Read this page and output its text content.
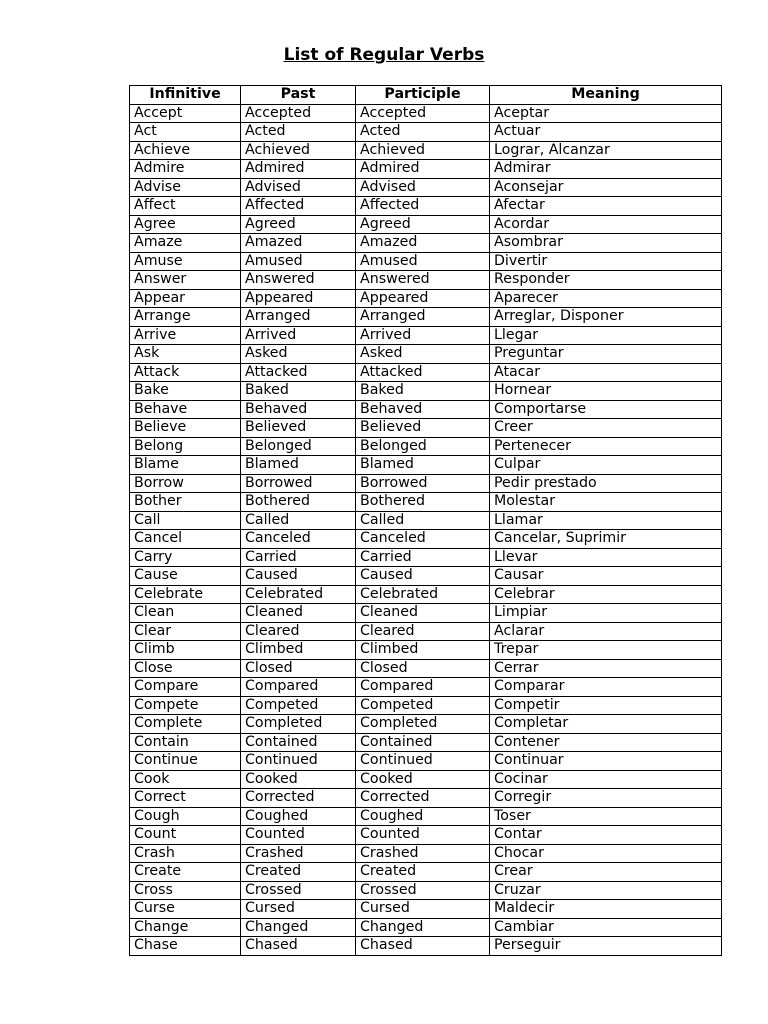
List of Regular Verbs
Infinitive	Past	Participle	Meaning
Accept	Accepted	Accepted	Aceptar
Act	Acted	Acted	Actuar
Achieve	Achieved	Achieved	Lograr, Alcanzar
Admire	Admired	Admired	Admirar
Advise	Advised	Advised	Aconsejar
Affect	Affected	Affected	Afectar
Agree	Agreed	Agreed	Acordar
Amaze	Amazed	Amazed	Asombrar
Amuse	Amused	Amused	Divertir
Answer	Answered	Answered	Responder
Appear	Appeared	Appeared	Aparecer
Arrange	Arranged	Arranged	Arreglar, Disponer
Arrive	Arrived	Arrived	Llegar
Ask	Asked	Asked	Preguntar
Attack	Attacked	Attacked	Atacar
Bake	Baked	Baked	Hornear
Behave	Behaved	Behaved	Comportarse
Believe	Believed	Believed	Creer
Belong	Belonged	Belonged	Pertenecer
Blame	Blamed	Blamed	Culpar
Borrow	Borrowed	Borrowed	Pedir prestado
Bother	Bothered	Bothered	Molestar
Call	Called	Called	Llamar
Cancel	Canceled	Canceled	Cancelar, Suprimir
Carry	Carried	Carried	Llevar
Cause	Caused	Caused	Causar
Celebrate	Celebrated	Celebrated	Celebrar
Clean	Cleaned	Cleaned	Limpiar
Clear	Cleared	Cleared	Aclarar
Climb	Climbed	Climbed	Trepar
Close	Closed	Closed	Cerrar
Compare	Compared	Compared	Comparar
Compete	Competed	Competed	Competir
Complete	Completed	Completed	Completar
Contain	Contained	Contained	Contener
Continue	Continued	Continued	Continuar
Cook	Cooked	Cooked	Cocinar
Correct	Corrected	Corrected	Corregir
Cough	Coughed	Coughed	Toser
Count	Counted	Counted	Contar
Crash	Crashed	Crashed	Chocar
Create	Created	Created	Crear
Cross	Crossed	Crossed	Cruzar
Curse	Cursed	Cursed	Maldecir
Change	Changed	Changed	Cambiar
Chase	Chased	Chased	Perseguir
